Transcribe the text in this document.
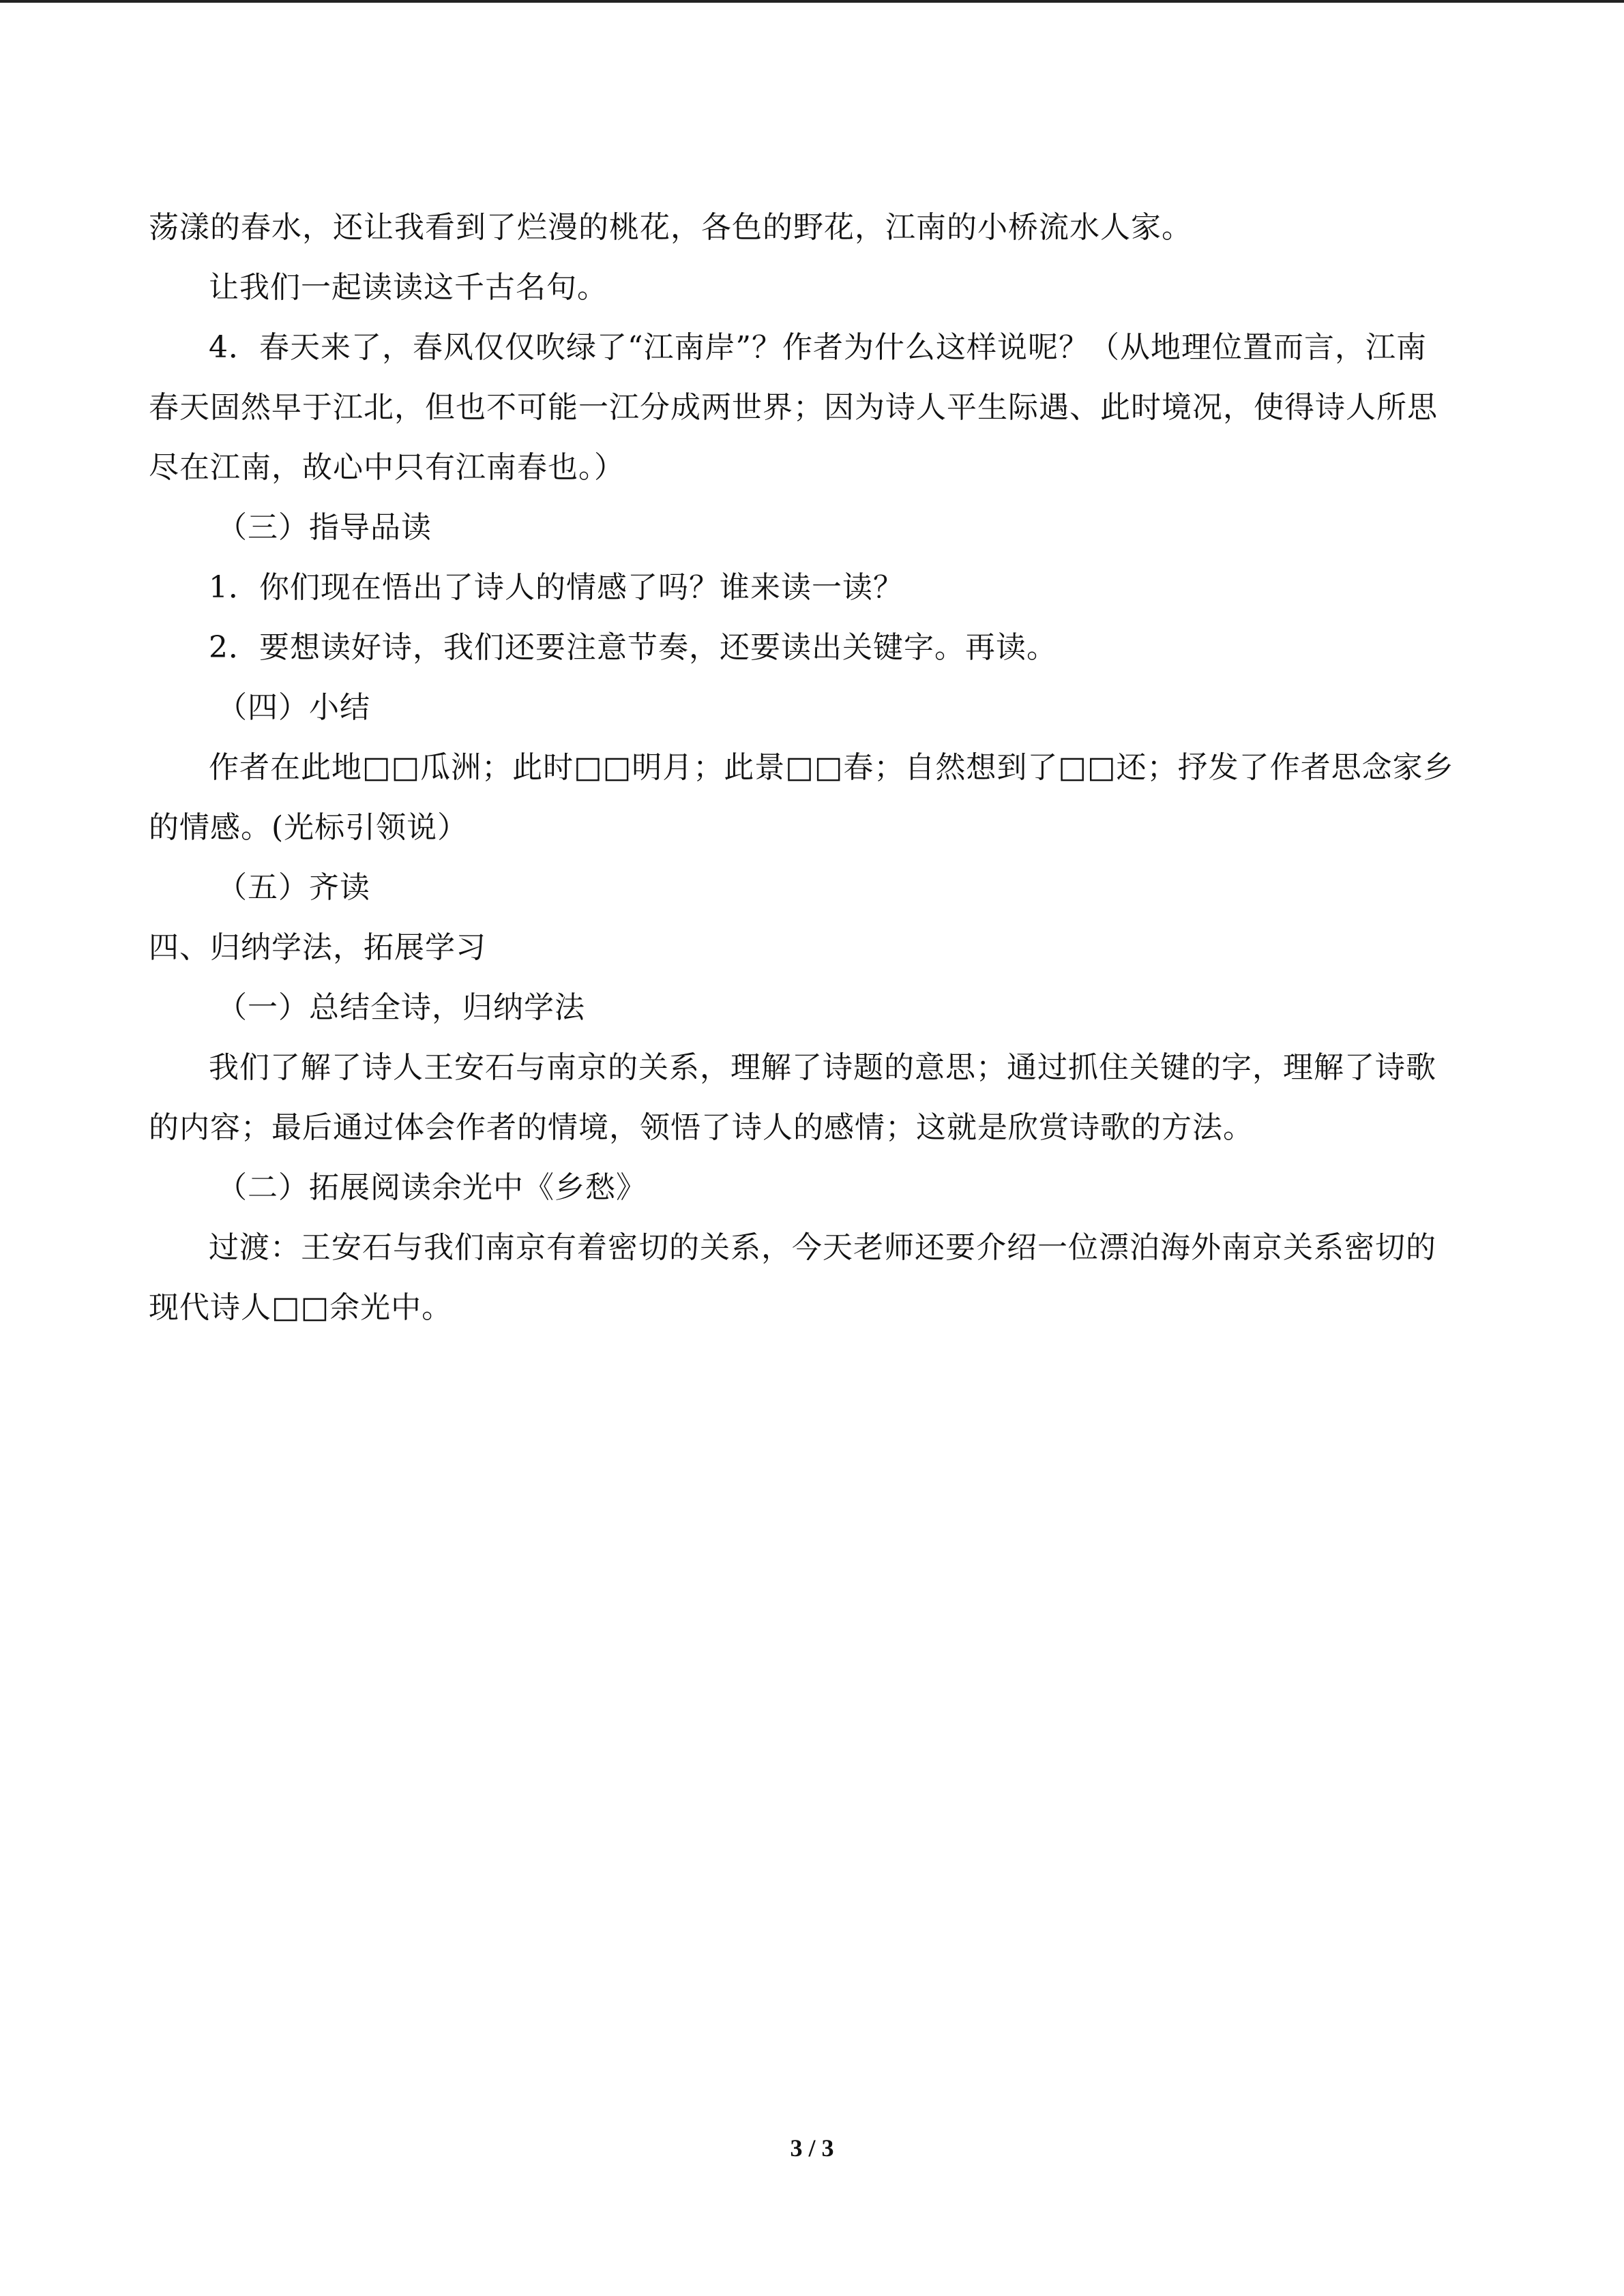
荡漾的春水，还让我看到了烂漫的桃花，各色的野花，江南的小桥流水人家。

让我们一起读读这千古名句。

4．春天来了，春风仅仅吹绿了“江南岸”？作者为什么这样说呢？（从地理位置而言，江南春天固然早于江北，但也不可能一江分成两世界；因为诗人平生际遇、此时境况，使得诗人所思尽在江南，故心中只有江南春也。）

（三）指导品读

1．你们现在悟出了诗人的情感了吗？谁来读一读？

2．要想读好诗，我们还要注意节奏，还要读出关键字。再读。

（四）小结

作者在此地□□瓜洲；此时□□明月；此景□□春；自然想到了□□还；抒发了作者思念家乡的情感。(光标引领说）

（五）齐读

四、归纳学法，拓展学习

（一）总结全诗，归纳学法

我们了解了诗人王安石与南京的关系，理解了诗题的意思；通过抓住关键的字，理解了诗歌的内容；最后通过体会作者的情境，领悟了诗人的感情；这就是欣赏诗歌的方法。

（二）拓展阅读余光中《乡愁》

过渡：王安石与我们南京有着密切的关系，今天老师还要介绍一位漂泊海外南京关系密切的现代诗人□□余光中。

3 / 3
